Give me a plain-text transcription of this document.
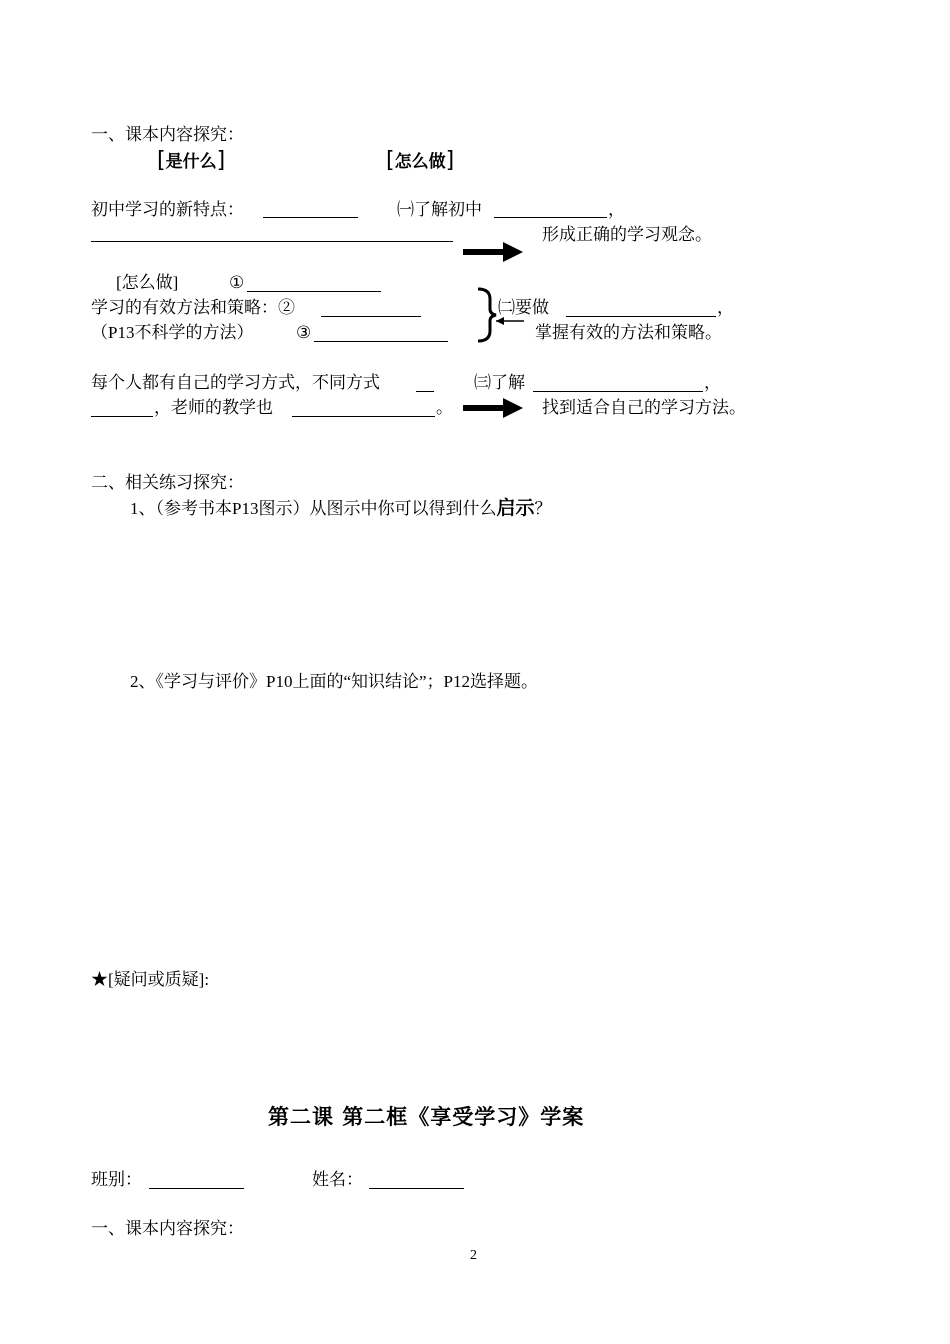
一、课本内容探究：
[是什么]	[怎么做]
初中学习的新特点：	㈠了解初中	，
形成正确的学习观念。
[怎么做]	①
学习的有效方法和策略：②
（P13不科学的方法）	③
㈡要做	，
掌握有效的方法和策略。
每个人都有自己的学习方式，不同方式	㈢了解	，
，老师的教学也	。	找到适合自己的学习方法。
二、相关练习探究：
1、（参考书本P13图示）从图示中你可以得到什么启示？
2、《学习与评价》P10上面的“知识结论”；P12选择题。
★[疑问或质疑]:
第二课 第二框《享受学习》学案
班别：	姓名：
一、课本内容探究：
2
